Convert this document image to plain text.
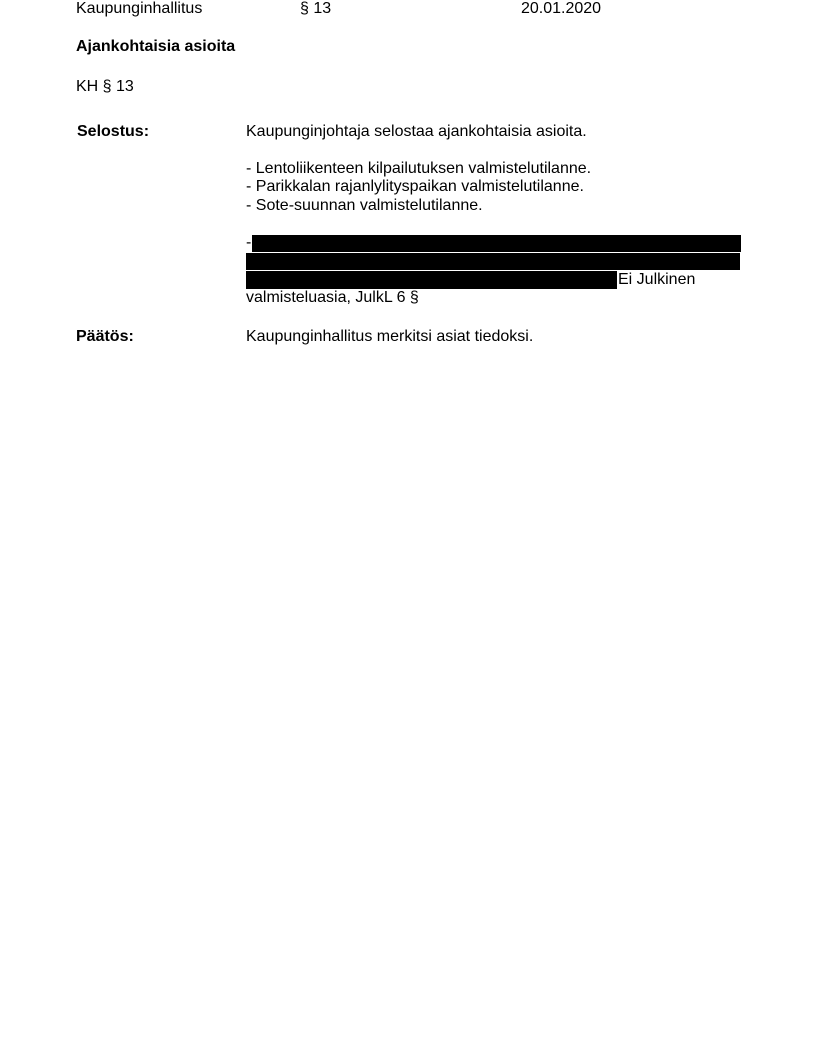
Kaupunginhallitus	§ 13	20.01.2020
Ajankohtaisia asioita
KH § 13
Selostus:	Kaupunginjohtaja selostaa ajankohtaisia asioita.
- Lentoliikenteen kilpailutuksen valmistelutilanne.
- Parikkalan rajanlylityspaikan valmistelutilanne.
- Sote-suunnan valmistelutilanne.
-
Ei Julkinen
valmisteluasia, JulkL 6 §
Päätös:	Kaupunginhallitus merkitsi asiat tiedoksi.
